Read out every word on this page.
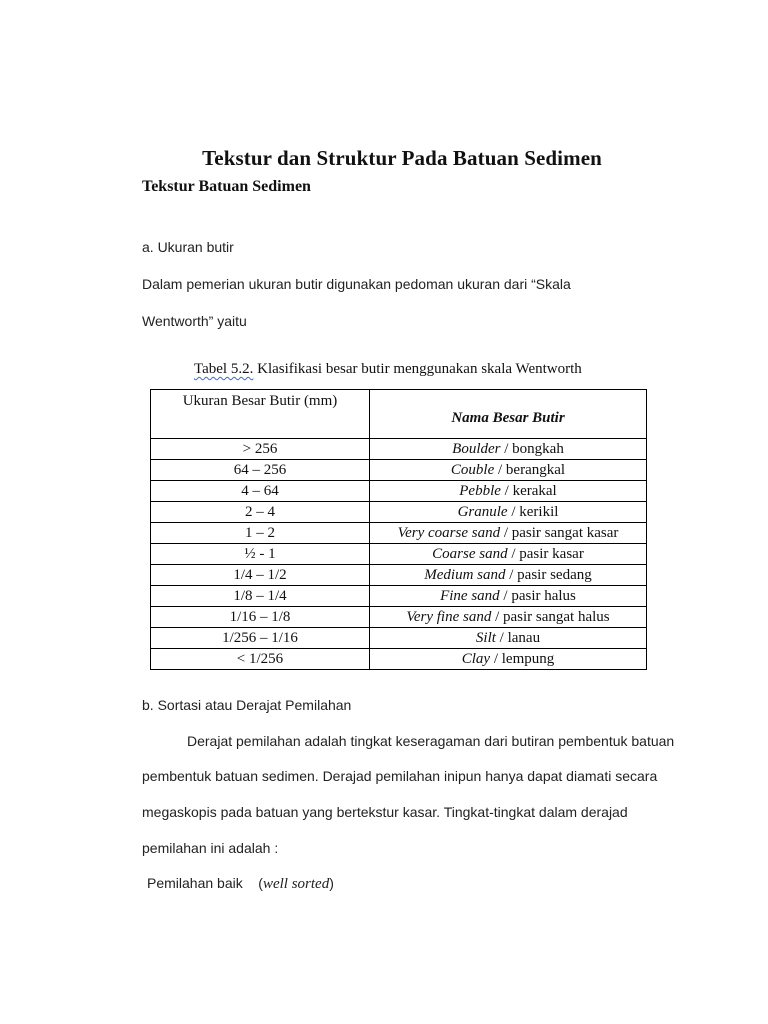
Tekstur dan Struktur Pada Batuan Sedimen
Tekstur Batuan Sedimen
a. Ukuran butir
Dalam pemerian ukuran butir digunakan pedoman ukuran dari “Skala
Wentworth” yaitu
Tabel 5.2. Klasifikasi besar butir menggunakan skala Wentworth
Ukuran Besar Butir (mm)	Nama Besar Butir
> 256	Boulder / bongkah
64 – 256	Couble / berangkal
4 – 64	Pebble / kerakal
2 – 4	Granule / kerikil
1 – 2	Very coarse sand / pasir sangat kasar
½ - 1	Coarse sand / pasir kasar
1/4 – 1/2	Medium sand / pasir sedang
1/8 – 1/4	Fine sand / pasir halus
1/16 – 1/8	Very fine sand / pasir sangat halus
1/256 – 1/16	Silt / lanau
< 1/256	Clay / lempung
b. Sortasi atau Derajat Pemilahan
Derajat pemilahan adalah tingkat keseragaman dari butiran pembentuk batuan
pembentuk batuan sedimen. Derajad pemilahan inipun hanya dapat diamati secara
megaskopis pada batuan yang bertekstur kasar. Tingkat-tingkat dalam derajad
pemilahan ini adalah :
Pemilahan baik (well sorted)
